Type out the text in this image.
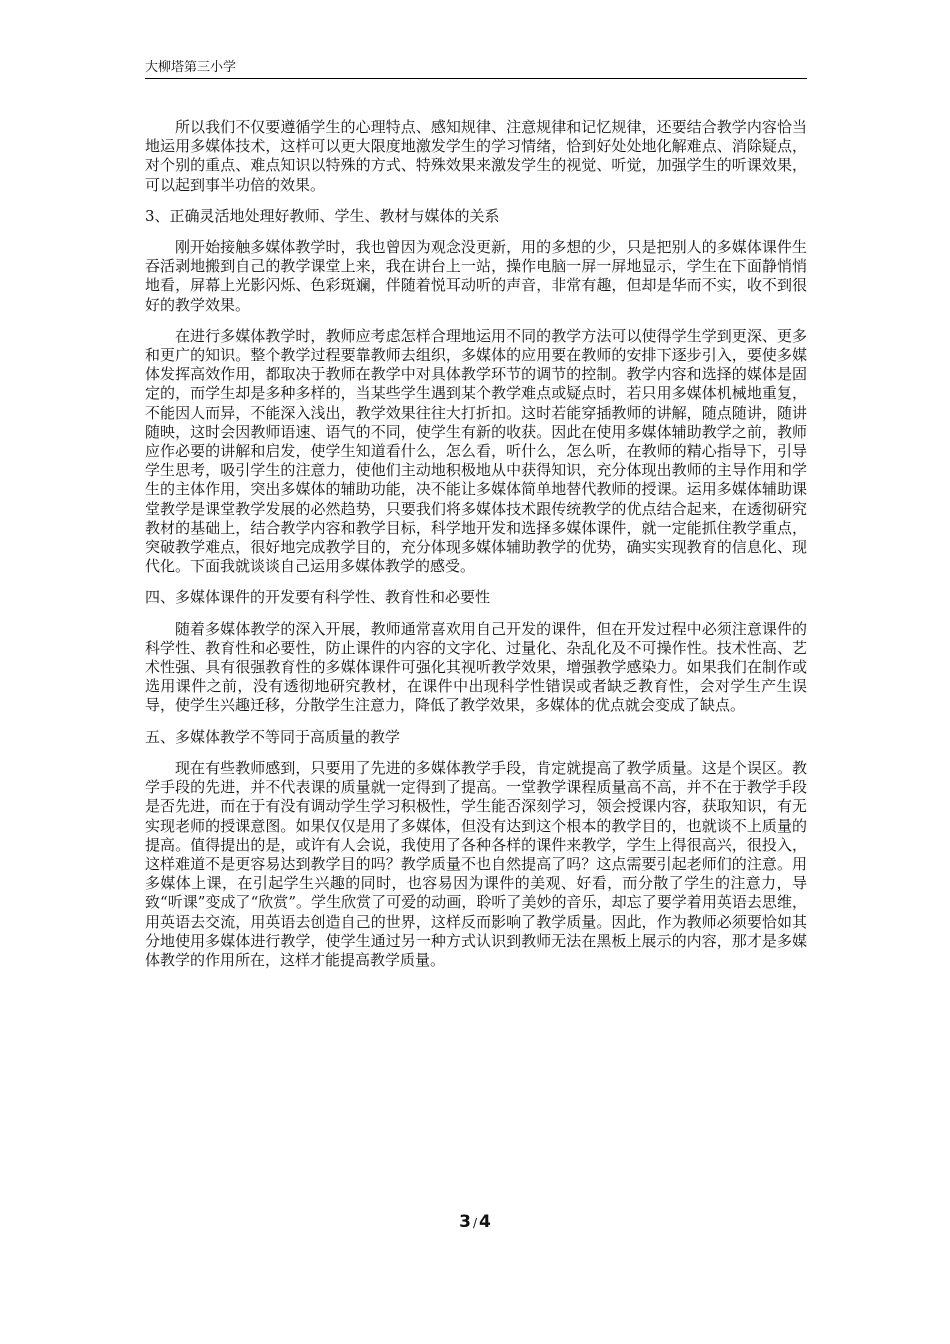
大柳塔第三小学

所以我们不仅要遵循学生的心理特点、感知规律、注意规律和记忆规律，还要结合教学内容恰当地运用多媒体技术，这样可以更大限度地激发学生的学习情绪，恰到好处处地化解难点、消除疑点，对个别的重点、难点知识以特殊的方式、特殊效果来激发学生的视觉、听觉，加强学生的听课效果，可以起到事半功倍的效果。

3、正确灵活地处理好教师、学生、教材与媒体的关系

刚开始接触多媒体教学时，我也曾因为观念没更新，用的多想的少，只是把别人的多媒体课件生吞活剥地搬到自己的教学课堂上来，我在讲台上一站，操作电脑一屏一屏地显示，学生在下面静悄悄地看，屏幕上光影闪烁、色彩斑斓，伴随着悦耳动听的声音，非常有趣，但却是华而不实，收不到很好的教学效果。

在进行多媒体教学时，教师应考虑怎样合理地运用不同的教学方法可以使得学生学到更深、更多和更广的知识。整个教学过程要靠教师去组织，多媒体的应用要在教师的安排下逐步引入，要使多媒体发挥高效作用，都取决于教师在教学中对具体教学环节的调节的控制。教学内容和选择的媒体是固定的，而学生却是多种多样的，当某些学生遇到某个教学难点或疑点时，若只用多媒体机械地重复，不能因人而异，不能深入浅出，教学效果往往大打折扣。这时若能穿插教师的讲解，随点随讲，随讲随映，这时会因教师语速、语气的不同，使学生有新的收获。因此在使用多媒体辅助教学之前，教师应作必要的讲解和启发，使学生知道看什么，怎么看，听什么，怎么听，在教师的精心指导下，引导学生思考，吸引学生的注意力，使他们主动地积极地从中获得知识，充分体现出教师的主导作用和学生的主体作用，突出多媒体的辅助功能，决不能让多媒体简单地替代教师的授课。运用多媒体辅助课堂教学是课堂教学发展的必然趋势，只要我们将多媒体技术跟传统教学的优点结合起来，在透彻研究教材的基础上，结合教学内容和教学目标，科学地开发和选择多媒体课件，就一定能抓住教学重点，突破教学难点，很好地完成教学目的，充分体现多媒体辅助教学的优势，确实实现教育的信息化、现代化。下面我就谈谈自己运用多媒体教学的感受。

四、多媒体课件的开发要有科学性、教育性和必要性

随着多媒体教学的深入开展，教师通常喜欢用自己开发的课件，但在开发过程中必须注意课件的科学性、教育性和必要性，防止课件的内容的文字化、过量化、杂乱化及不可操作性。技术性高、艺术性强、具有很强教育性的多媒体课件可强化其视听教学效果，增强教学感染力。如果我们在制作或选用课件之前，没有透彻地研究教材，在课件中出现科学性错误或者缺乏教育性，会对学生产生误导，使学生兴趣迁移，分散学生注意力，降低了教学效果，多媒体的优点就会变成了缺点。

五、多媒体教学不等同于高质量的教学

现在有些教师感到，只要用了先进的多媒体教学手段，肯定就提高了教学质量。这是个误区。教学手段的先进，并不代表课的质量就一定得到了提高。一堂教学课程质量高不高，并不在于教学手段是否先进，而在于有没有调动学生学习积极性，学生能否深刻学习，领会授课内容，获取知识，有无实现老师的授课意图。如果仅仅是用了多媒体，但没有达到这个根本的教学目的，也就谈不上质量的提高。值得提出的是，或许有人会说，我使用了各种各样的课件来教学，学生上得很高兴，很投入，这样难道不是更容易达到教学目的吗？教学质量不也自然提高了吗？这点需要引起老师们的注意。用多媒体上课，在引起学生兴趣的同时，也容易因为课件的美观、好看，而分散了学生的注意力，导致“听课”变成了“欣赏”。学生欣赏了可爱的动画，聆听了美妙的音乐，却忘了要学着用英语去思维，用英语去交流，用英语去创造自己的世界，这样反而影响了教学质量。因此，作为教师必须要恰如其分地使用多媒体进行教学，使学生通过另一种方式认识到教师无法在黑板上展示的内容，那才是多媒体教学的作用所在，这样才能提高教学质量。

3 / 4
